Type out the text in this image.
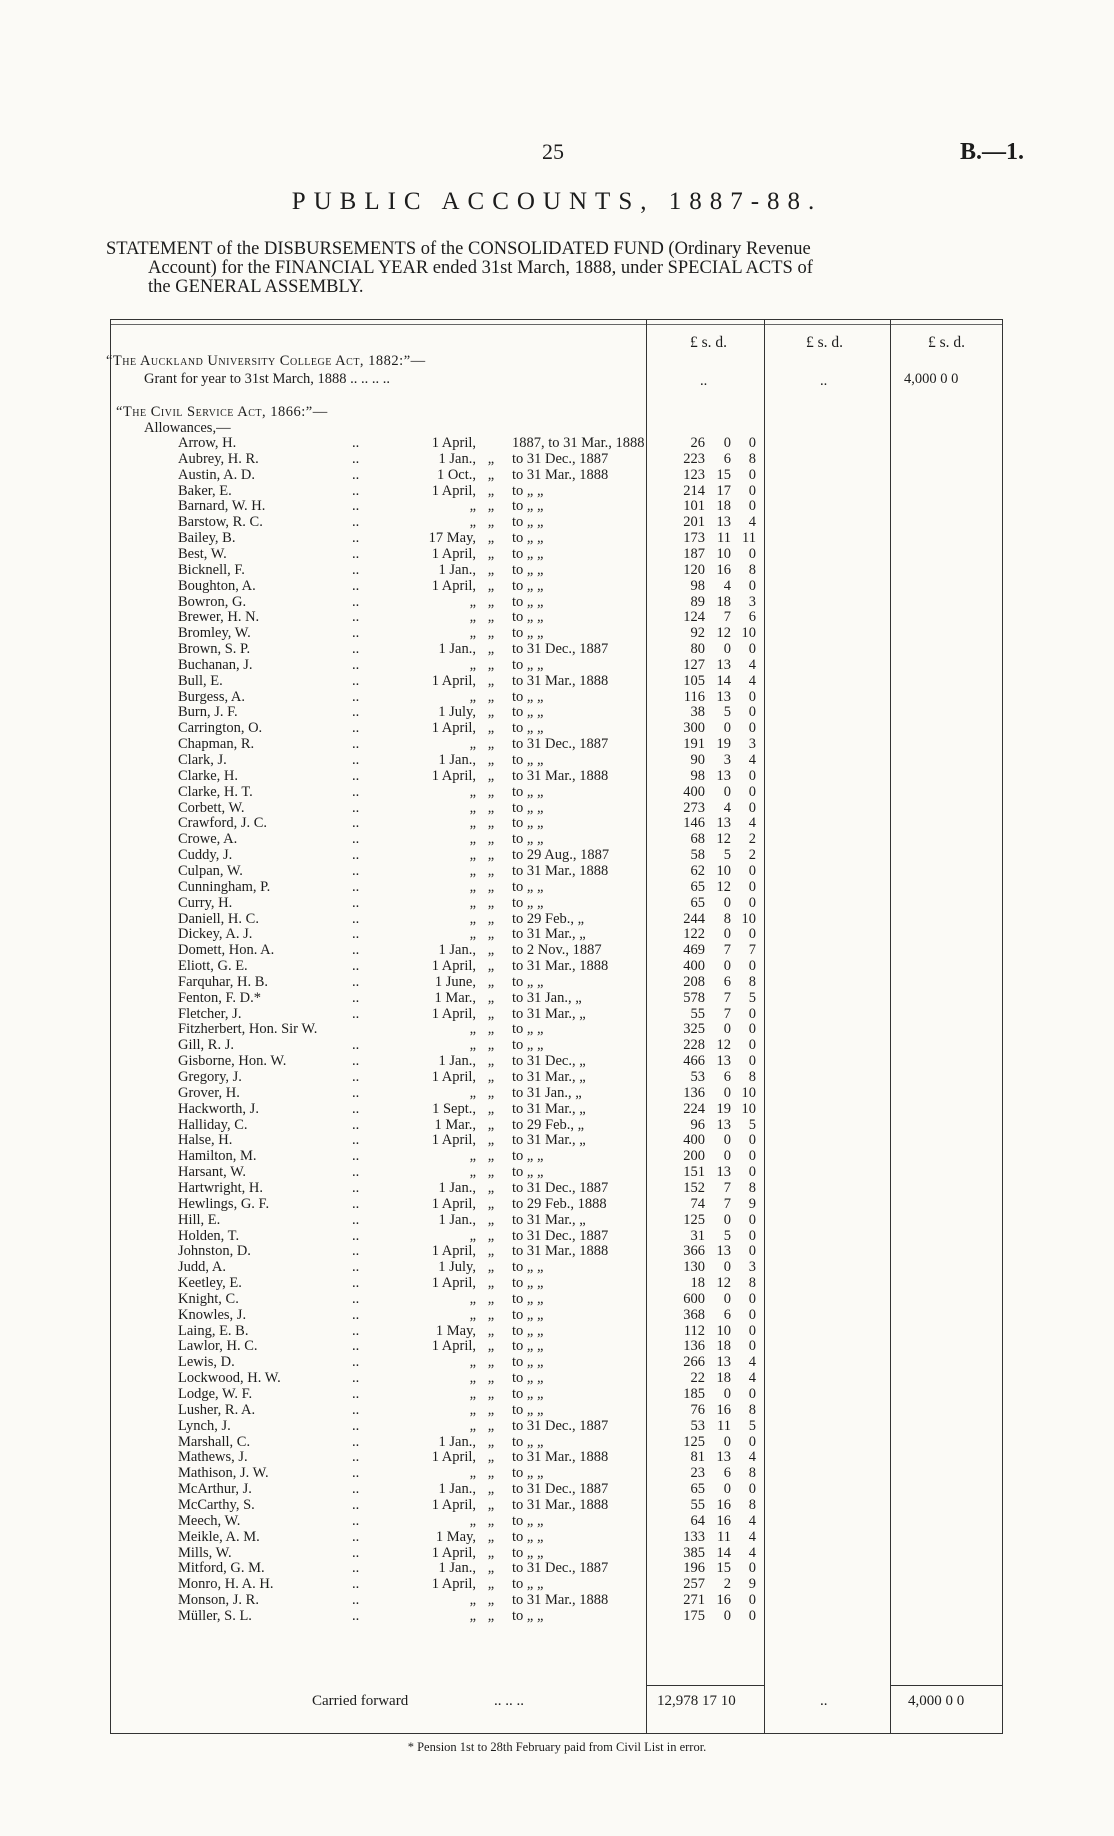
25	B.—1.
PUBLIC ACCOUNTS, 1887-88.
STATEMENT of the DISBURSEMENTS of the CONSOLIDATED FUND (Ordinary Revenue
Account) for the FINANCIAL YEAR ended 31st March, 1888, under SPECIAL ACTS of
the GENERAL ASSEMBLY.
£ s. d.	£ s. d.	£ s. d.
“The Auckland University College Act, 1882:”—
Grant for year to 31st March, 1888 .. .. .. ..	..	..	4,000 0 0
“The Civil Service Act, 1866:”—
Allowances,—
Arrow, H.	..	1 April, 1887, to 31 Mar., 1888	26	0	0
Aubrey, H. R.	..	1 Jan., „	to 31 Dec., 1887	223	6	8
Austin, A. D.	..	1 Oct., „	to 31 Mar., 1888	123 15	0
Baker, E.	..	1 April, „	to „ „	214 17	0
Barnard, W. H.	..	„ „	to „ „	101 18	0
Barstow, R. C.	..	„ „	to „ „	201 13	4
Bailey, B.	..	17 May, „	to „ „	173 11 11
Best, W.	..	1 April, „	to „ „	187 10	0
Bicknell, F.	..	1 Jan., „	to „ „	120 16	8
Boughton, A.	..	1 April, „	to „ „	98	4	0
Bowron, G.	..	„ „	to „ „	89 18	3
Brewer, H. N.	..	„ „	to „ „	124	7	6
Bromley, W.	..	„ „	to „ „	92 12 10
Brown, S. P.	..	1 Jan., „	to 31 Dec., 1887	80	0	0
Buchanan, J.	..	„ „	to „ „	127 13	4
Bull, E.	..	1 April, „	to 31 Mar., 1888	105 14	4
Burgess, A.	..	„ „	to „ „	116 13	0
Burn, J. F.	..	1 July, „	to „ „	38	5	0
Carrington, O.	..	1 April, „	to „ „	300	0	0
Chapman, R.	..	„ „	to 31 Dec., 1887	191 19	3
Clark, J.	..	1 Jan., „	to „ „	90	3	4
Clarke, H.	..	1 April, „	to 31 Mar., 1888	98 13	0
Clarke, H. T.	..	„ „	to „ „	400	0	0
Corbett, W.	..	„ „	to „ „	273	4	0
Crawford, J. C.	..	„ „	to „ „	146 13	4
Crowe, A.	..	„ „	to „ „	68 12	2
Cuddy, J.	..	„ „	to 29 Aug., 1887	58	5	2
Culpan, W.	..	„ „	to 31 Mar., 1888	62 10	0
Cunningham, P.	..	„ „	to „ „	65 12	0
Curry, H.	..	„ „	to „ „	65	0	0
Daniell, H. C.	..	„ „	to 29 Feb., „	244	8 10
Dickey, A. J.	..	„ „	to 31 Mar., „	122	0	0
Domett, Hon. A.	..	1 Jan., „	to 2 Nov., 1887	469	7	7
Eliott, G. E.	..	1 April, „	to 31 Mar., 1888	400	0	0
Farquhar, H. B.	..	1 June, „	to „ „	208	6	8
Fenton, F. D.*	..	1 Mar., „	to 31 Jan., „	578	7	5
Fletcher, J.	..	1 April, „	to 31 Mar., „	55	7	0
Fitzherbert, Hon. Sir W.	„ „	to „ „	325	0	0
Gill, R. J.	..	„ „	to „ „	228 12	0
Gisborne, Hon. W.	..	1 Jan., „	to 31 Dec., „	466 13	0
Gregory, J.	..	1 April, „	to 31 Mar., „	53	6	8
Grover, H.	..	„ „	to 31 Jan., „	136	0 10
Hackworth, J.	..	1 Sept., „	to 31 Mar., „	224 19 10
Halliday, C.	..	1 Mar., „	to 29 Feb., „	96 13	5
Halse, H.	..	1 April, „	to 31 Mar., „	400	0	0
Hamilton, M.	..	„ „	to „ „	200	0	0
Harsant, W.	..	„ „	to „ „	151 13	0
Hartwright, H.	..	1 Jan., „	to 31 Dec., 1887	152	7	8
Hewlings, G. F.	..	1 April, „	to 29 Feb., 1888	74	7	9
Hill, E.	..	1 Jan., „	to 31 Mar., „	125	0	0
Holden, T.	..	„ „	to 31 Dec., 1887	31	5	0
Johnston, D.	..	1 April, „	to 31 Mar., 1888	366 13	0
Judd, A.	..	1 July, „	to „ „	130	0	3
Keetley, E.	..	1 April, „	to „ „	18 12	8
Knight, C.	..	„ „	to „ „	600	0	0
Knowles, J.	..	„ „	to „ „	368	6	0
Laing, E. B.	..	1 May, „	to „ „	112 10	0
Lawlor, H. C.	..	1 April, „	to „ „	136 18	0
Lewis, D.	..	„ „	to „ „	266 13	4
Lockwood, H. W.	..	„ „	to „ „	22 18	4
Lodge, W. F.	..	„ „	to „ „	185	0	0
Lusher, R. A.	..	„ „	to „ „	76 16	8
Lynch, J.	..	„ „	to 31 Dec., 1887	53 11	5
Marshall, C.	..	1 Jan., „	to „ „	125	0	0
Mathews, J.	..	1 April, „	to 31 Mar., 1888	81 13	4
Mathison, J. W.	..	„ „	to „ „	23	6	8
McArthur, J.	..	1 Jan., „	to 31 Dec., 1887	65	0	0
McCarthy, S.	..	1 April, „	to 31 Mar., 1888	55 16	8
Meech, W.	..	„ „	to „ „	64 16	4
Meikle, A. M.	..	1 May, „	to „ „	133 11	4
Mills, W.	..	1 April, „	to „ „	385 14	4
Mitford, G. M.	..	1 Jan., „	to 31 Dec., 1887	196 15	0
Monro, H. A. H.	..	1 April, „	to „ „	257	2	9
Monson, J. R.	..	„ „	to 31 Mar., 1888	271 16	0
Müller, S. L.	..	„ „	to „ „	175	0	0
Carried forward	.. .. ..	12,978 17 10	..	4,000 0 0
* Pension 1st to 28th February paid from Civil List in error.
